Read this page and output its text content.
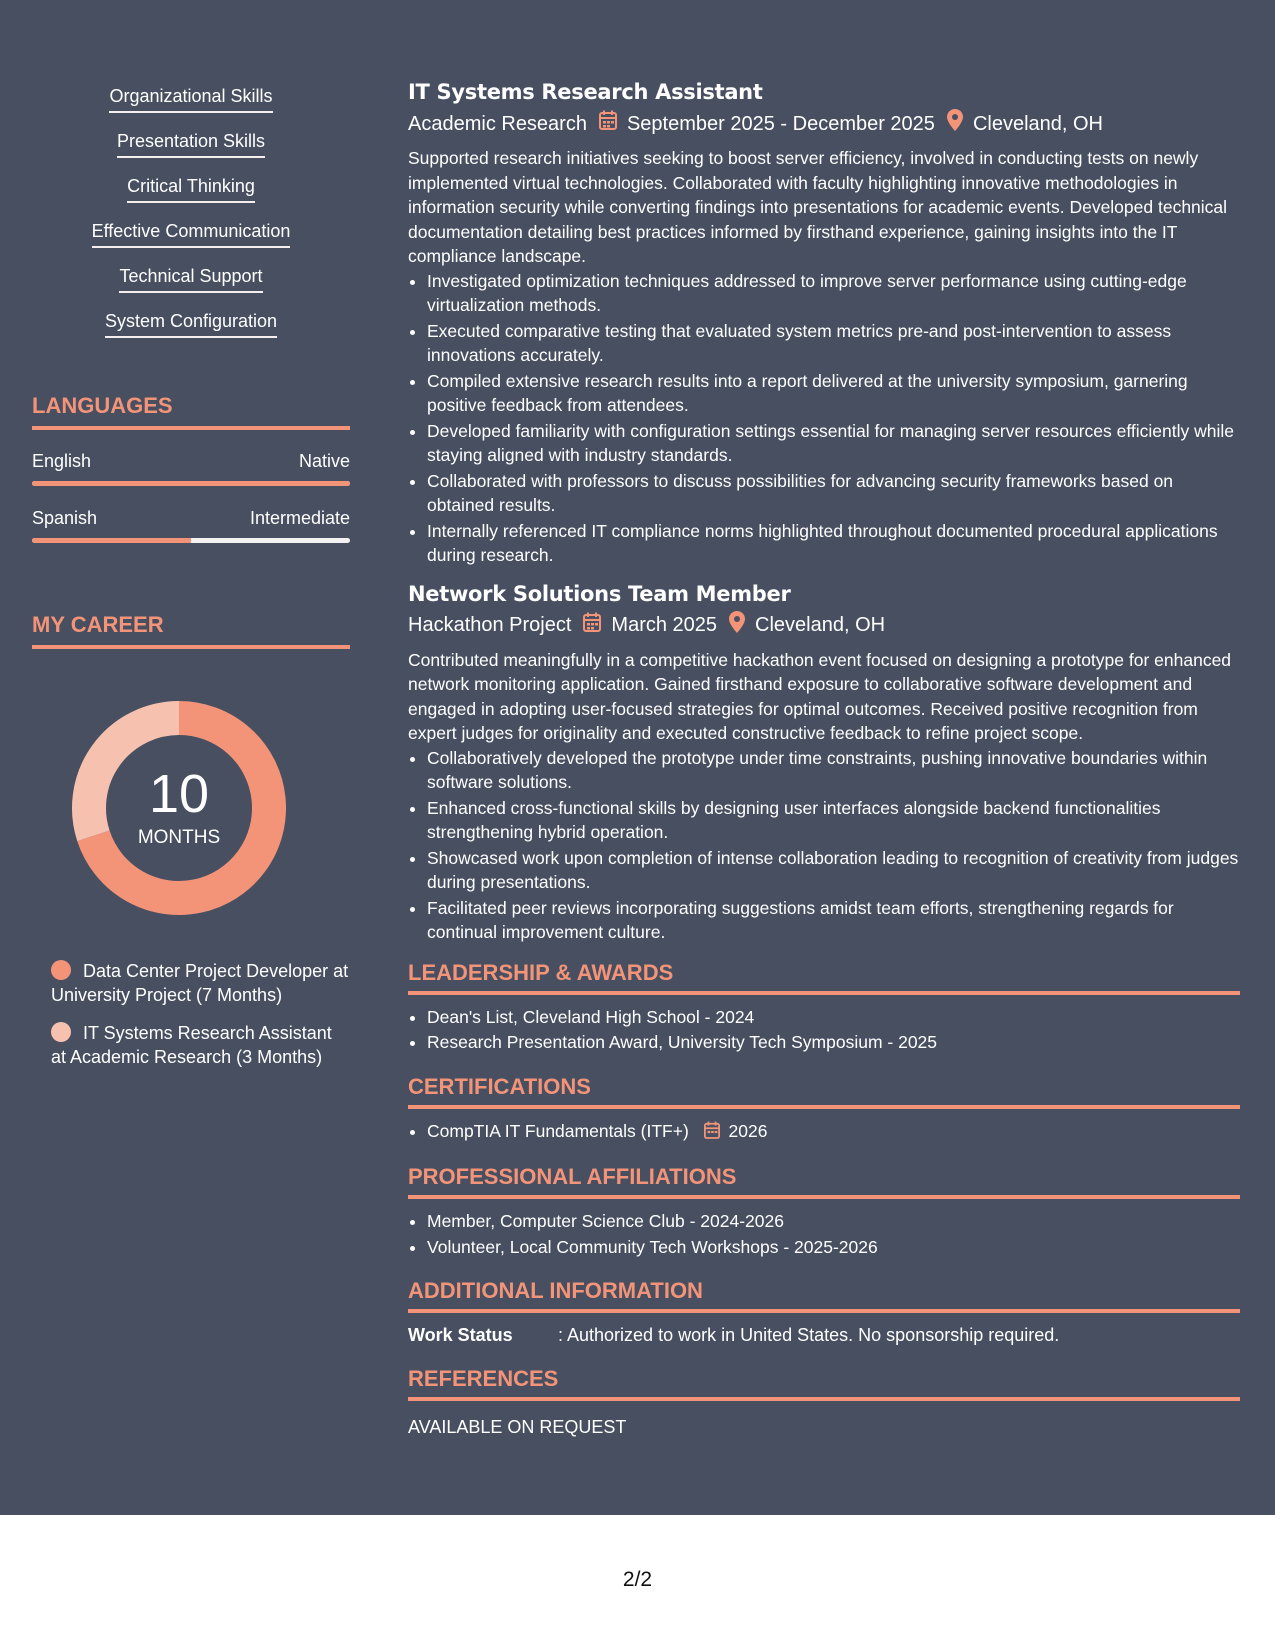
Organizational Skills
Presentation Skills
Critical Thinking
Effective Communication
Technical Support
System Configuration
LANGUAGES
English	Native
Spanish	Intermediate
MY CAREER
10
MONTHS
Data Center Project Developer at University Project (7 Months)
IT Systems Research Assistant at Academic Research (3 Months)
IT Systems Research Assistant
Academic Research September 2025 - December 2025 Cleveland, OH
Supported research initiatives seeking to boost server efficiency, involved in conducting tests on newly implemented virtual technologies. Collaborated with faculty highlighting innovative methodologies in information security while converting findings into presentations for academic events. Developed technical documentation detailing best practices informed by firsthand experience, gaining insights into the IT compliance landscape.
• Investigated optimization techniques addressed to improve server performance using cutting-edge virtualization methods.
• Executed comparative testing that evaluated system metrics pre-and post-intervention to assess innovations accurately.
• Compiled extensive research results into a report delivered at the university symposium, garnering positive feedback from attendees.
• Developed familiarity with configuration settings essential for managing server resources efficiently while staying aligned with industry standards.
• Collaborated with professors to discuss possibilities for advancing security frameworks based on obtained results.
• Internally referenced IT compliance norms highlighted throughout documented procedural applications during research.
Network Solutions Team Member
Hackathon Project March 2025 Cleveland, OH
Contributed meaningfully in a competitive hackathon event focused on designing a prototype for enhanced network monitoring application. Gained firsthand exposure to collaborative software development and engaged in adopting user-focused strategies for optimal outcomes. Received positive recognition from expert judges for originality and executed constructive feedback to refine project scope.
• Collaboratively developed the prototype under time constraints, pushing innovative boundaries within software solutions.
• Enhanced cross-functional skills by designing user interfaces alongside backend functionalities strengthening hybrid operation.
• Showcased work upon completion of intense collaboration leading to recognition of creativity from judges during presentations.
• Facilitated peer reviews incorporating suggestions amidst team efforts, strengthening regards for continual improvement culture.
LEADERSHIP & AWARDS
• Dean's List, Cleveland High School - 2024
• Research Presentation Award, University Tech Symposium - 2025
CERTIFICATIONS
• CompTIA IT Fundamentals (ITF+) 2026
PROFESSIONAL AFFILIATIONS
• Member, Computer Science Club - 2024-2026
• Volunteer, Local Community Tech Workshops - 2025-2026
ADDITIONAL INFORMATION
Work Status	: Authorized to work in United States. No sponsorship required.
REFERENCES
AVAILABLE ON REQUEST
2/2
